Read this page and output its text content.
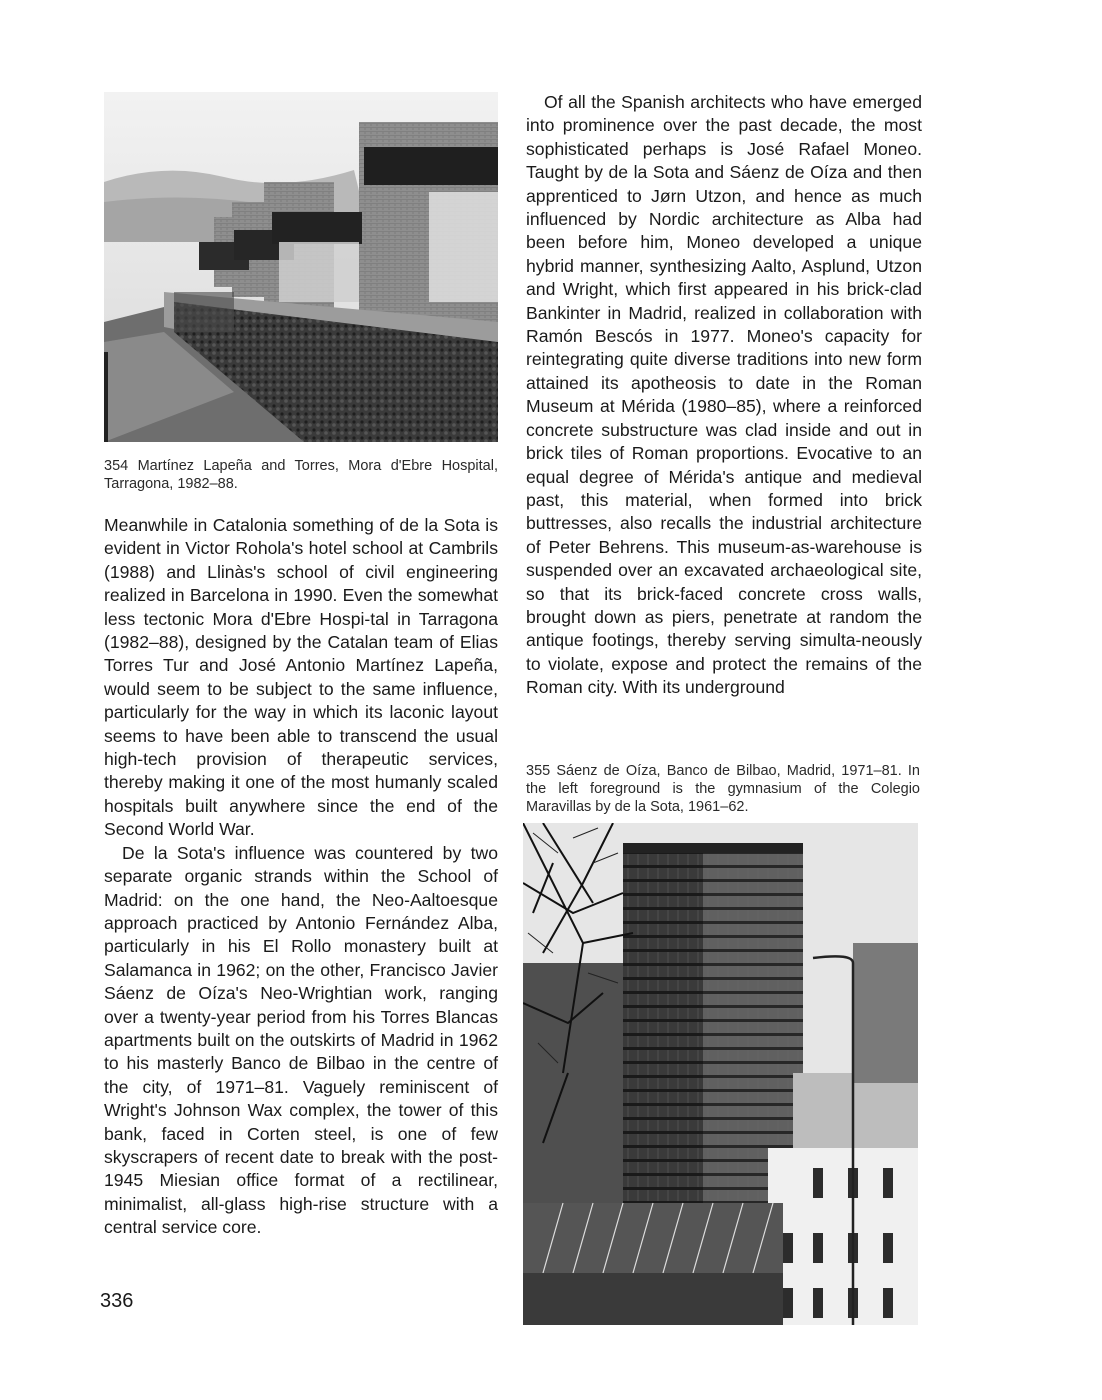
354 Martínez Lapeña and Torres, Mora d'Ebre Hospital, Tarragona, 1982–88.

Meanwhile in Catalonia something of de la Sota is evident in Victor Rohola's hotel school at Cambrils (1988) and Llinàs's school of civil engineering realized in Barcelona in 1990. Even the somewhat less tectonic Mora d'Ebre Hospi-tal in Tarragona (1982–88), designed by the Catalan team of Elias Torres Tur and José Antonio Martínez Lapeña, would seem to be subject to the same influence, particularly for the way in which its laconic layout seems to have been able to transcend the usual high-tech provision of therapeutic services, thereby making it one of the most humanly scaled hospitals built anywhere since the end of the Second World War.

De la Sota's influence was countered by two separate organic strands within the School of Madrid: on the one hand, the Neo-Aaltoesque approach practiced by Antonio Fernández Alba, particularly in his El Rollo monastery built at Salamanca in 1962; on the other, Francisco Javier Sáenz de Oíza's Neo-Wrightian work, ranging over a twenty-year period from his Torres Blancas apartments built on the outskirts of Madrid in 1962 to his masterly Banco de Bilbao in the centre of the city, of 1971–81. Vaguely reminiscent of Wright's Johnson Wax complex, the tower of this bank, faced in Corten steel, is one of few skyscrapers of recent date to break with the post-1945 Miesian office format of a rectilinear, minimalist, all-glass high-rise structure with a central service core.

Of all the Spanish architects who have emerged into prominence over the past decade, the most sophisticated perhaps is José Rafael Moneo. Taught by de la Sota and Sáenz de Oíza and then apprenticed to Jørn Utzon, and hence as much influenced by Nordic architecture as Alba had been before him, Moneo developed a unique hybrid manner, synthesizing Aalto, Asplund, Utzon and Wright, which first appeared in his brick-clad Bankinter in Madrid, realized in collaboration with Ramón Bescós in 1977. Moneo's capacity for reintegrating quite diverse traditions into new form attained its apotheosis to date in the Roman Museum at Mérida (1980–85), where a reinforced concrete substructure was clad inside and out in brick tiles of Roman proportions. Evocative to an equal degree of Mérida's antique and medieval past, this material, when formed into brick buttresses, also recalls the industrial architecture of Peter Behrens. This museum-as-warehouse is suspended over an excavated archaeological site, so that its brick-faced concrete cross walls, brought down as piers, penetrate at random the antique footings, thereby serving simulta-neously to violate, expose and protect the remains of the Roman city. With its underground

355 Sáenz de Oíza, Banco de Bilbao, Madrid, 1971–81. In the left foreground is the gymnasium of the Colegio Maravillas by de la Sota, 1961–62.
336
